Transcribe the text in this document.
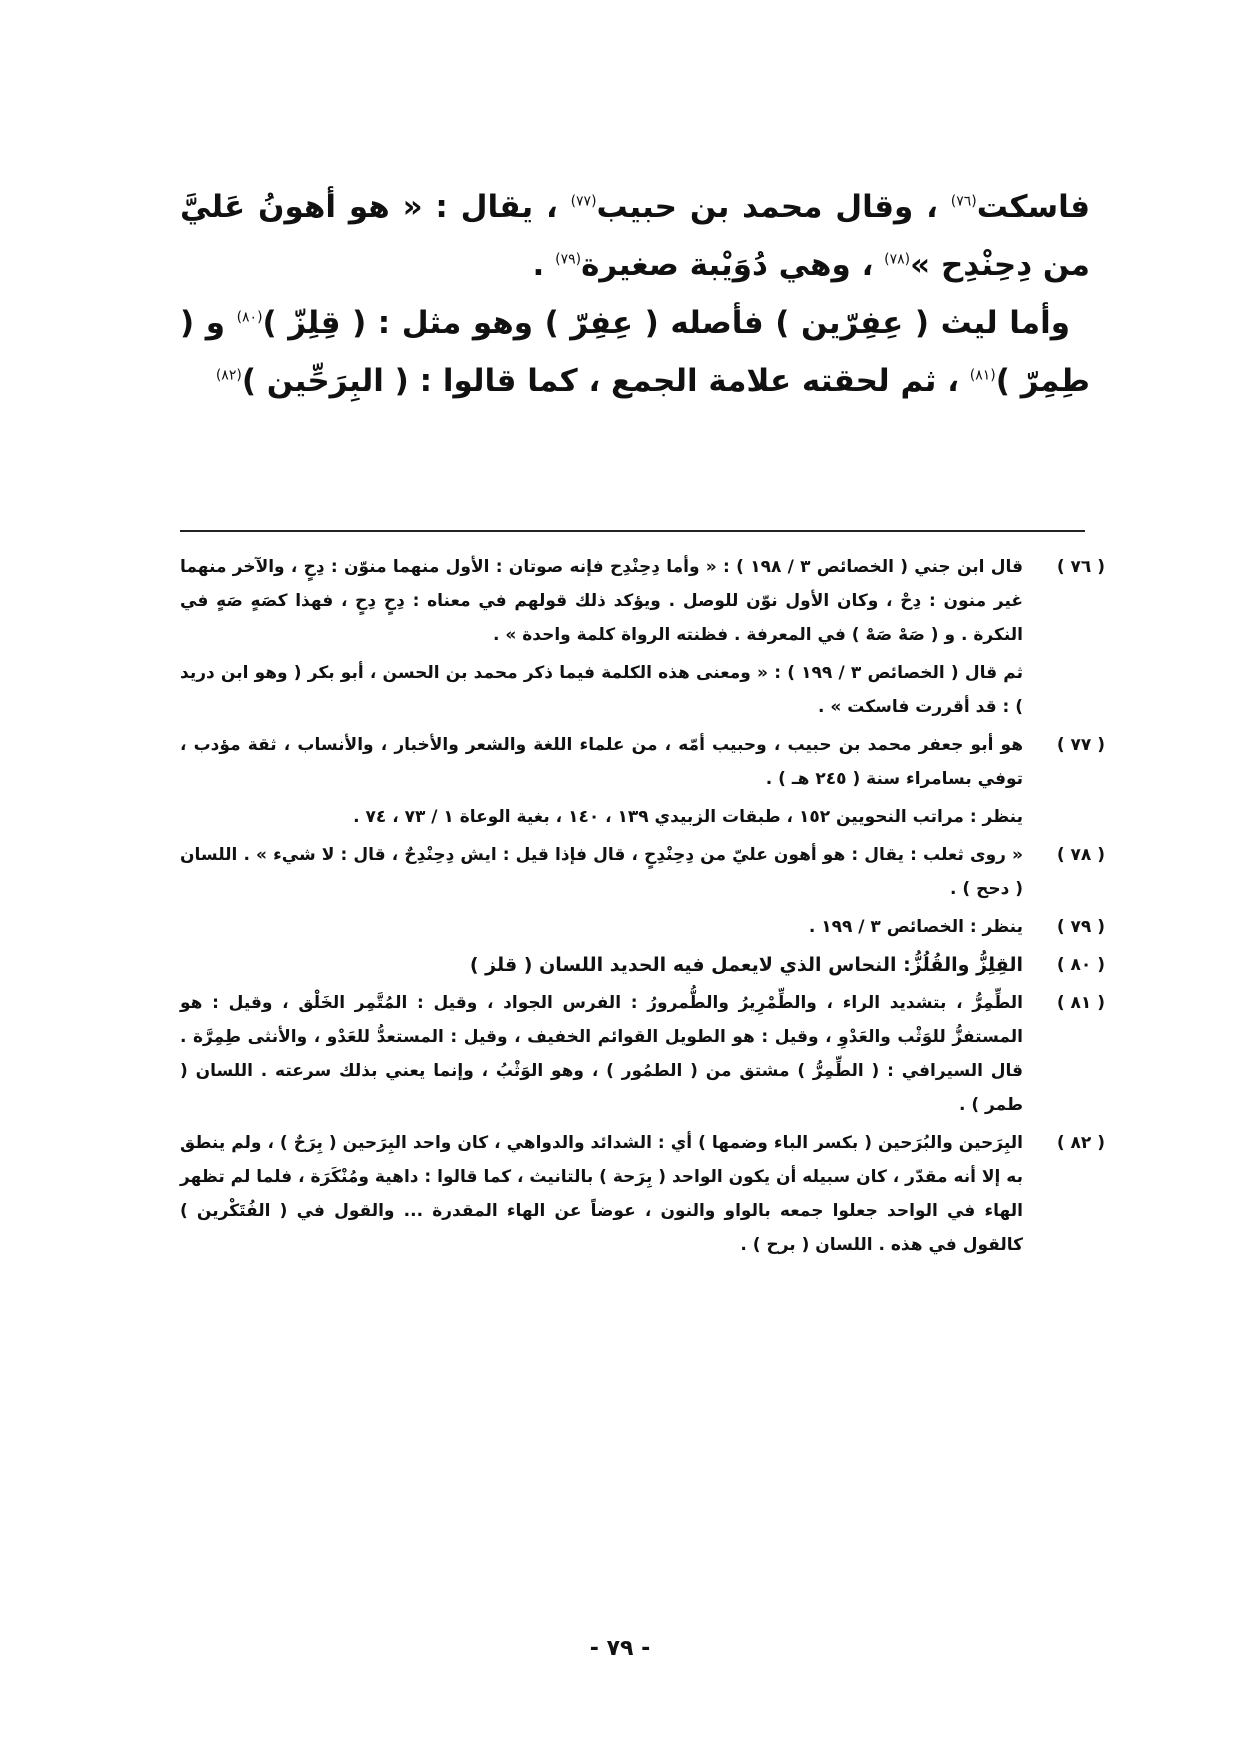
فاسكت$^{(٧٦)}$ ، وقال محمد بن حبيب$^{(٧٧)}$ ، يقال : « هو أهونُ عَليَّ من دِحِنْدِح »$^{(٧٨)}$ ، وهي دُوَيْبة صغيرة$^{(٧٩)}$ .

وأما ليث ( عِفِرّين ) فأصله ( عِفِرّ ) وهو مثل : ( قِلِزّ )$^{(٨٠)}$ و ( طِمِرّ )$^{(٨١)}$ ، ثم لحقته علامة الجمع ، كما قالوا : ( البِرَحِّين )$^{(٨٢)}$

( ٧٦ )

قال ابن جني ( الخصائص ٣ / ١٩٨ ) : « وأما دِحِنْدِح فإنه صوتان : الأول منهما منوّن : دِحٍ ، والآخر منهما غير منون : دِحْ ، وكان الأول نوّن للوصل . ويؤكد ذلك قولهم في معناه : دِحٍ دِحٍ ، فهذا كصَهٍ صَهٍ في النكرة . و ( صَهْ صَهْ ) في المعرفة . فظنته الرواة كلمة واحدة » .

ثم قال ( الخصائص ٣ / ١٩٩ ) : « ومعنى هذه الكلمة فيما ذكر محمد بن الحسن ، أبو بكر ( وهو ابن دريد ) : قد أقررت فاسكت » .

( ٧٧ )

هو أبو جعفر محمد بن حبيب ، وحبيب أمّه ، من علماء اللغة والشعر والأخبار ، والأنساب ، ثقة مؤدب ، توفي بسامراء سنة ( ٢٤٥ هـ ) .

ينظر : مراتب النحويين ١٥٢ ، طبقات الزبيدي ١٣٩ ، ١٤٠ ، بغية الوعاة ١ / ٧٣ ، ٧٤ .

( ٧٨ )

« روى ثعلب : يقال : هو أهون عليّ من دِحِنْدِحٍ ، قال فإذا قيل : ايش دِحِنْدِحٌ ، قال : لا شيء » . اللسان ( دحح ) .

( ٧٩ )

ينظر : الخصائص ٣ / ١٩٩ .

( ٨٠ )

القِلِزُّ والقُلُزُّ: النحاس الذي لايعمل فيه الحديد اللسان ( قلز )

( ٨١ )

الطِّمِرُّ ، بتشديد الراء ، والطِّمْرِيرُ والطُّمرورُ : الفرس الجواد ، وقيل : المُتَّمِر الخَلْق ، وقيل : هو المستفزُّ للوَثْب والعَدْوِ ، وقيل : هو الطويل القوائم الخفيف ، وقيل : المستعدُّ للعَدْو ، والأنثى طِمِرَّة . قال السيرافي : ( الطِّمِرُّ ) مشتق من ( الطمُور ) ، وهو الوَثْبُ ، وإنما يعني بذلك سرعته . اللسان ( طمر ) .

( ٨٢ )

البِرَحين والبُرَحين ( بكسر الباء وضمها ) أي : الشدائد والدواهي ، كان واحد البِرَحين ( بِرَحٌ ) ، ولم ينطق به إلا أنه مقدّر ، كان سبيله أن يكون الواحد ( بِرَحة ) بالتانيث ، كما قالوا : داهية ومُنْكَرَة ، فلما لم تظهر الهاء في الواحد جعلوا جمعه بالواو والنون ، عوضاً عن الهاء المقدرة ... والقول في ( الفُتَكْرين ) كالقول في هذه . اللسان ( برح ) .

- ٧٩ -
